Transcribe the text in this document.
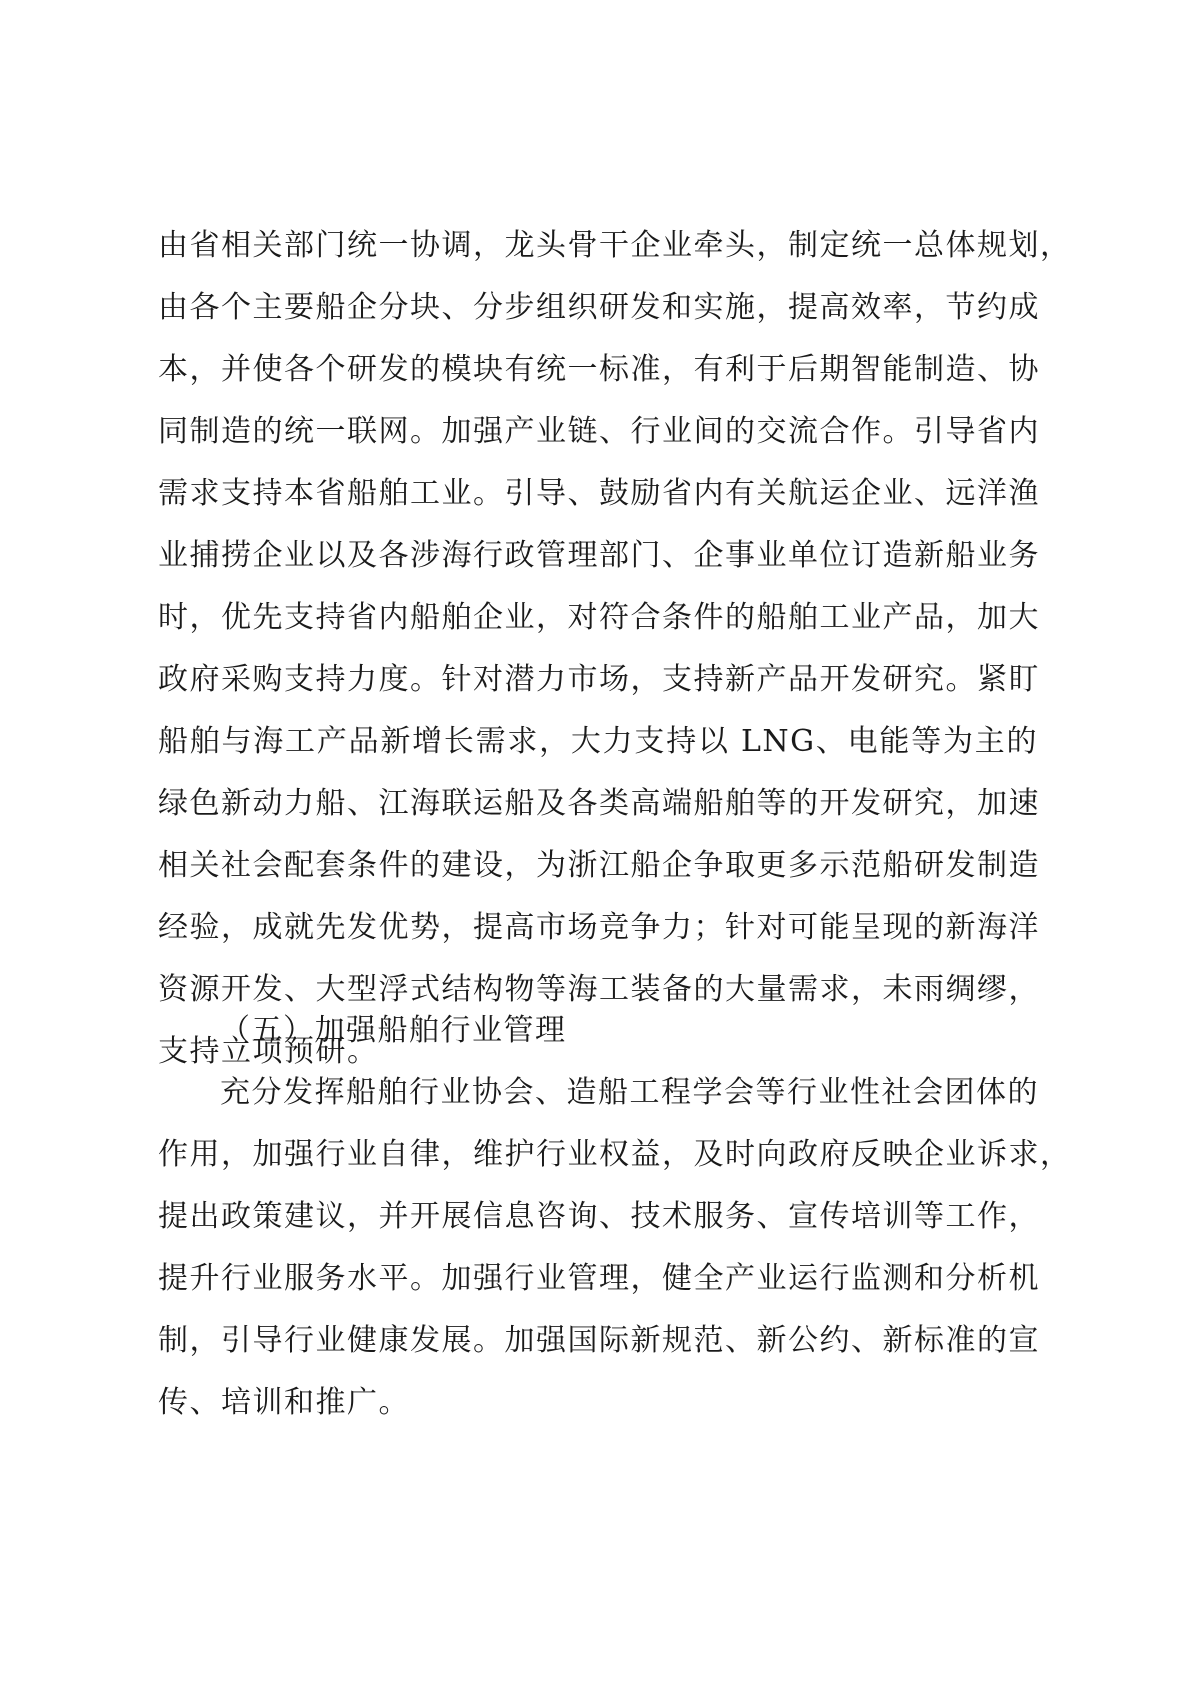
由省相关部门统一协调，龙头骨干企业牵头，制定统一总体规划，
由各个主要船企分块、分步组织研发和实施，提高效率，节约成
本，并使各个研发的模块有统一标准，有利于后期智能制造、协
同制造的统一联网。加强产业链、行业间的交流合作。引导省内
需求支持本省船舶工业。引导、鼓励省内有关航运企业、远洋渔
业捕捞企业以及各涉海行政管理部门、企事业单位订造新船业务
时，优先支持省内船舶企业，对符合条件的船舶工业产品，加大
政府采购支持力度。针对潜力市场，支持新产品开发研究。紧盯
船舶与海工产品新增长需求，大力支持以 LNG、电能等为主的
绿色新动力船、江海联运船及各类高端船舶等的开发研究，加速
相关社会配套条件的建设，为浙江船企争取更多示范船研发制造
经验，成就先发优势，提高市场竞争力；针对可能呈现的新海洋
资源开发、大型浮式结构物等海工装备的大量需求，未雨绸缪，
支持立项预研。
（五）加强船舶行业管理
充分发挥船舶行业协会、造船工程学会等行业性社会团体的
作用，加强行业自律，维护行业权益，及时向政府反映企业诉求，
提出政策建议，并开展信息咨询、技术服务、宣传培训等工作，
提升行业服务水平。加强行业管理，健全产业运行监测和分析机
制，引导行业健康发展。加强国际新规范、新公约、新标准的宣
传、培训和推广。
